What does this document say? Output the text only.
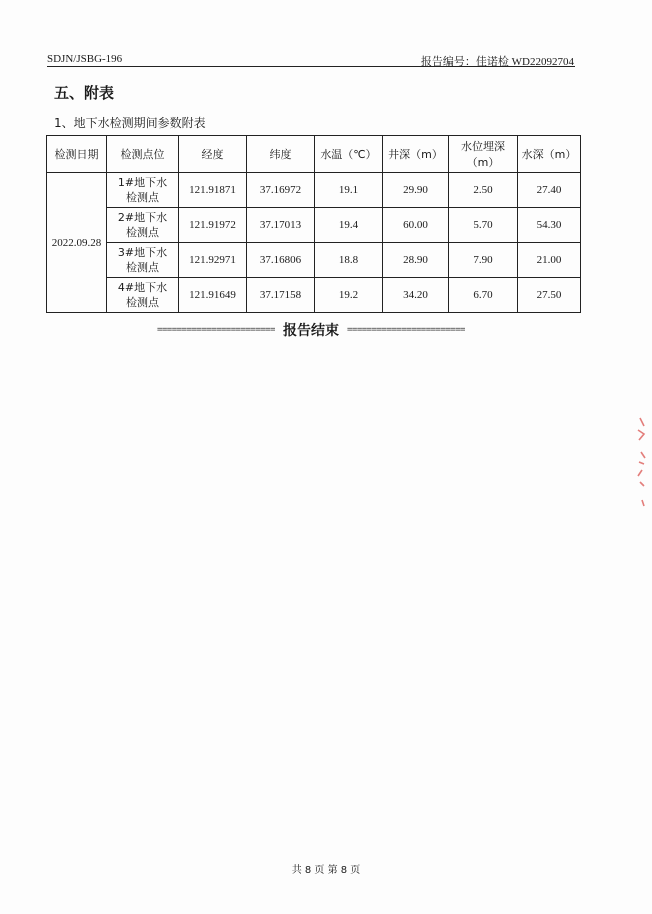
SDJN/JSBG-196	报告编号：佳诺检 WD22092704
五、附表
1、地下水检测期间参数附表
检测日期	检测点位	经度	纬度	水温（℃）	井深（m）	水位埋深（m）	水深（m）
2022.09.28	1#地下水检测点	121.91871	37.16972	19.1	29.90	2.50	27.40
	2#地下水检测点	121.91972	37.17013	19.4	60.00	5.70	54.30
	3#地下水检测点	121.92971	37.16806	18.8	28.90	7.90	21.00
	4#地下水检测点	121.91649	37.17158	19.2	34.20	6.70	27.50
======================== 报告结束 ========================
共 8 页 第 8 页
